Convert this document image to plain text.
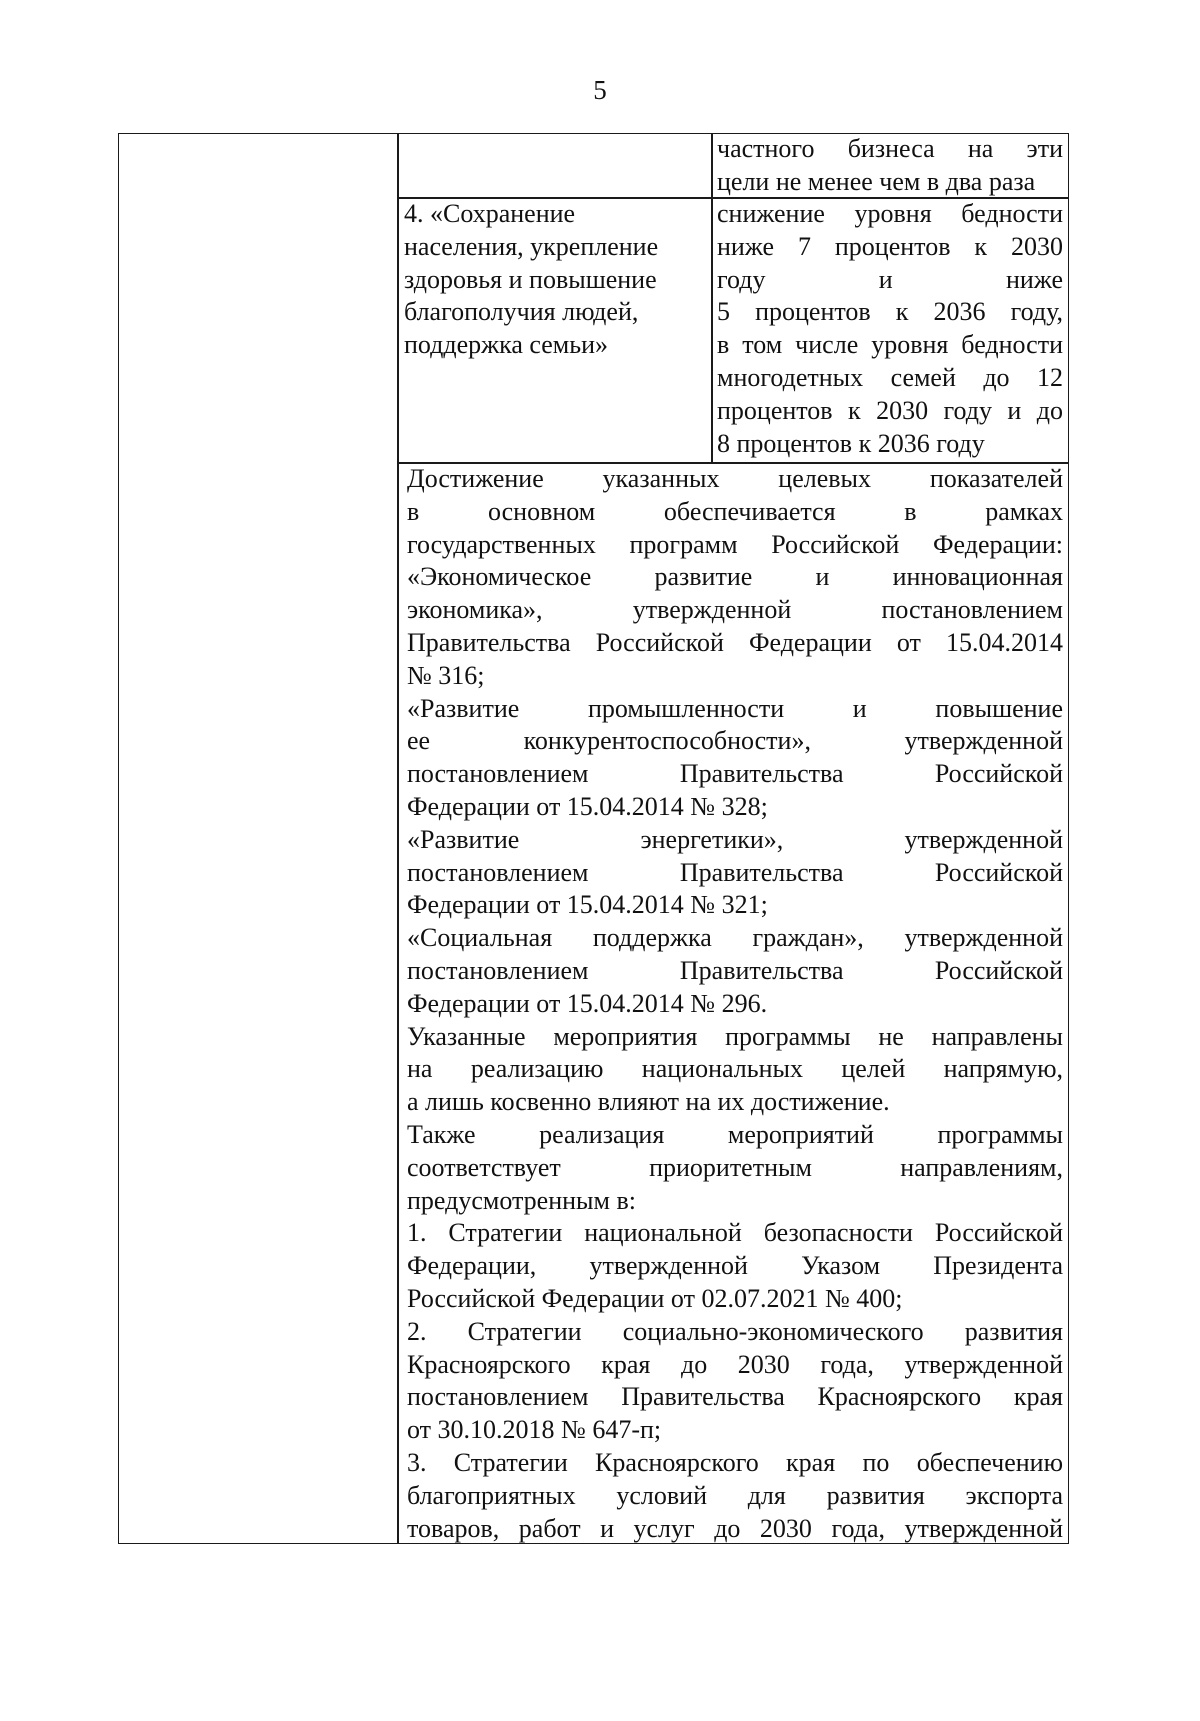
5

частного бизнеса на эти

цели не менее чем в два раза

4. «Сохранение

населения, укрепление

здоровья и повышение

благополучия людей,

поддержка семьи»

снижение уровня бедности

ниже 7 процентов к 2030

году и ниже

5 процентов к 2036 году,

в том числе уровня бедности

многодетных семей до 12

процентов к 2030 году и до

8 процентов к 2036 году

Достижение указанных целевых показателей

в основном обеспечивается в рамках

государственных программ Российской Федерации:

«Экономическое развитие и инновационная

экономика», утвержденной постановлением

Правительства Российской Федерации от 15.04.2014

№ 316;

«Развитие промышленности и повышение

ее конкурентоспособности», утвержденной

постановлением Правительства Российской

Федерации от 15.04.2014 № 328;

«Развитие энергетики», утвержденной

постановлением Правительства Российской

Федерации от 15.04.2014 № 321;

«Социальная поддержка граждан», утвержденной

постановлением Правительства Российской

Федерации от 15.04.2014 № 296.

Указанные мероприятия программы не направлены

на реализацию национальных целей напрямую,

а лишь косвенно влияют на их достижение.

Также реализация мероприятий программы

соответствует приоритетным направлениям,

предусмотренным в:

1. Стратегии национальной безопасности Российской

Федерации, утвержденной Указом Президента

Российской Федерации от 02.07.2021 № 400;

2. Стратегии социально-экономического развития

Красноярского края до 2030 года, утвержденной

постановлением Правительства Красноярского края

от 30.10.2018 № 647-п;

3. Стратегии Красноярского края по обеспечению

благоприятных условий для развития экспорта

товаров, работ и услуг до 2030 года, утвержденной
